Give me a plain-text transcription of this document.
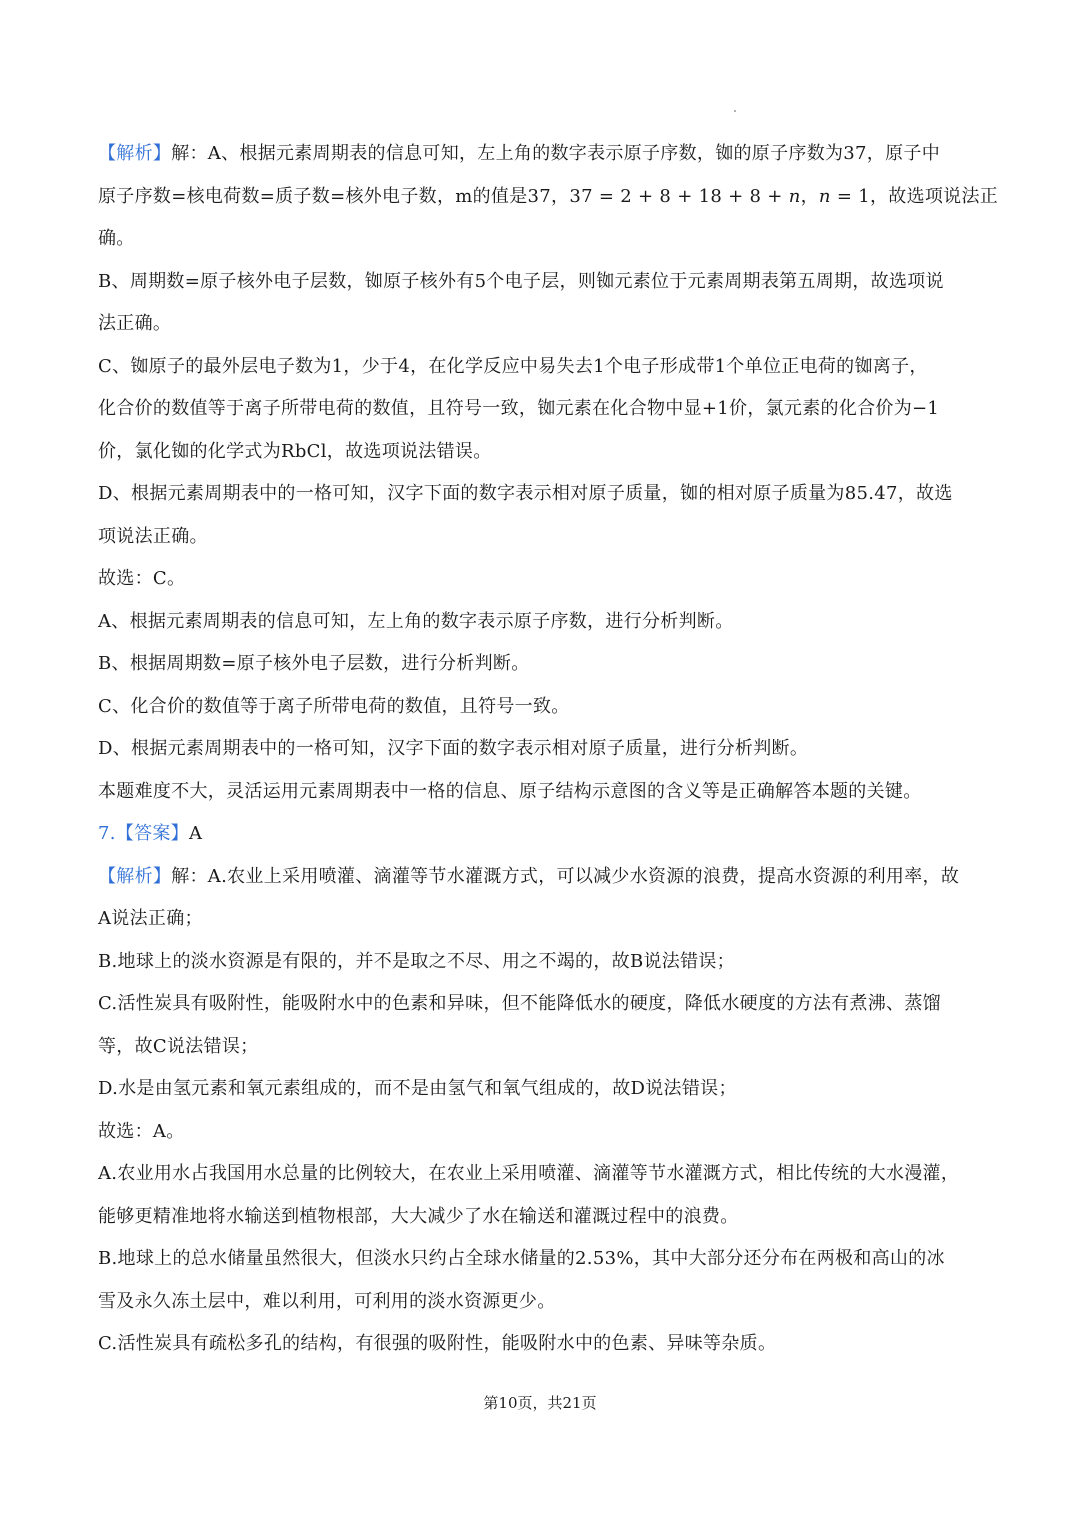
【解析】解：A、根据元素周期表的信息可知，左上角的数字表示原子序数，铷的原子序数为37，原子中
原子序数=核电荷数=质子数=核外电子数，m的值是37，37 = 2 + 8 + 18 + 8 + 𝑛，𝑛 = 1，故选项说法正
确。
B、周期数=原子核外电子层数，铷原子核外有5个电子层，则铷元素位于元素周期表第五周期，故选项说
法正确。
C、铷原子的最外层电子数为1，少于4，在化学反应中易失去1个电子形成带1个单位正电荷的铷离子，
化合价的数值等于离子所带电荷的数值，且符号一致，铷元素在化合物中显+1价，氯元素的化合价为−1
价，氯化铷的化学式为RbCl，故选项说法错误。
D、根据元素周期表中的一格可知，汉字下面的数字表示相对原子质量，铷的相对原子质量为85.47，故选
项说法正确。
故选：C。
A、根据元素周期表的信息可知，左上角的数字表示原子序数，进行分析判断。
B、根据周期数=原子核外电子层数，进行分析判断。
C、化合价的数值等于离子所带电荷的数值，且符号一致。
D、根据元素周期表中的一格可知，汉字下面的数字表示相对原子质量，进行分析判断。
本题难度不大，灵活运用元素周期表中一格的信息、原子结构示意图的含义等是正确解答本题的关键。
7.【答案】A
【解析】解：A.农业上采用喷灌、滴灌等节水灌溉方式，可以减少水资源的浪费，提高水资源的利用率，故
A说法正确；
B.地球上的淡水资源是有限的，并不是取之不尽、用之不竭的，故B说法错误；
C.活性炭具有吸附性，能吸附水中的色素和异味，但不能降低水的硬度，降低水硬度的方法有煮沸、蒸馏
等，故C说法错误；
D.水是由氢元素和氧元素组成的，而不是由氢气和氧气组成的，故D说法错误；
故选：A。
A.农业用水占我国用水总量的比例较大，在农业上采用喷灌、滴灌等节水灌溉方式，相比传统的大水漫灌，
能够更精准地将水输送到植物根部，大大减少了水在输送和灌溉过程中的浪费。
B.地球上的总水储量虽然很大，但淡水只约占全球水储量的2.53%，其中大部分还分布在两极和高山的冰
雪及永久冻土层中，难以利用，可利用的淡水资源更少。
C.活性炭具有疏松多孔的结构，有很强的吸附性，能吸附水中的色素、异味等杂质。
第10页，共21页
